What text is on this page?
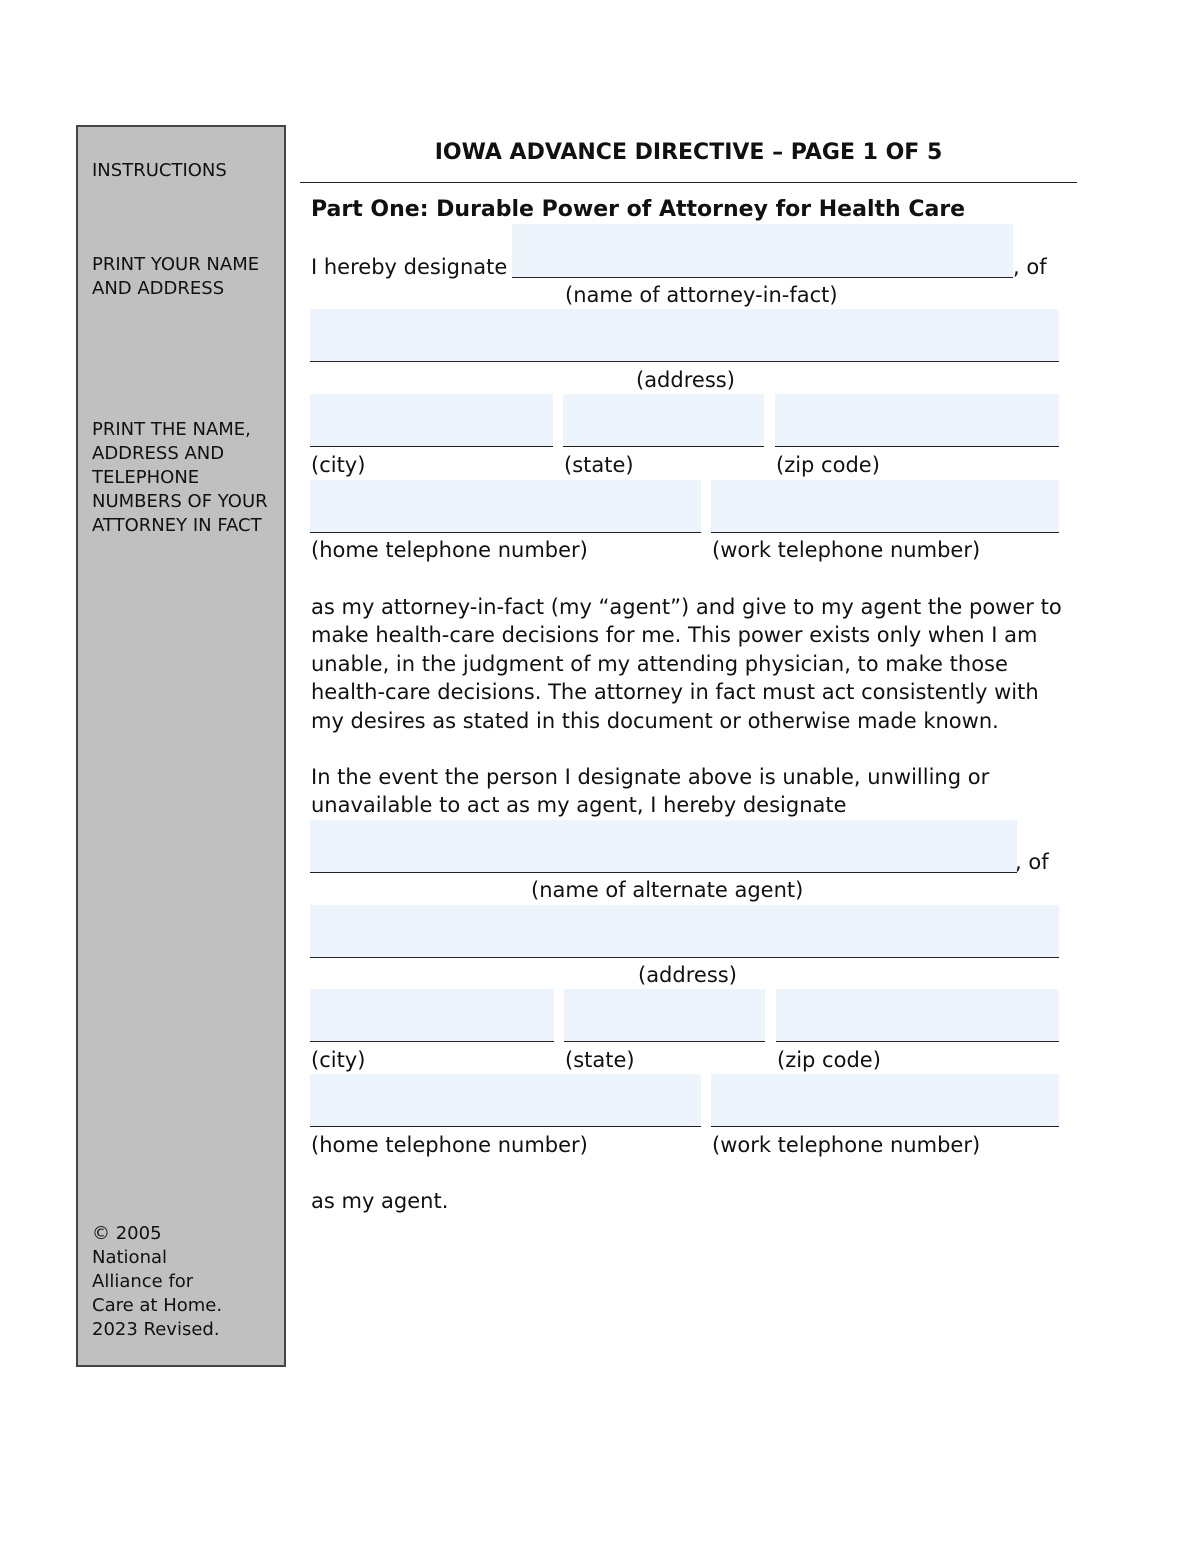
INSTRUCTIONS
PRINT YOUR NAME AND ADDRESS
PRINT THE NAME, ADDRESS AND TELEPHONE NUMBERS OF YOUR ATTORNEY IN FACT
© 2005
National
Alliance for
Care at Home.
2023 Revised.
IOWA ADVANCE DIRECTIVE – PAGE 1 OF 5
Part One: Durable Power of Attorney for Health Care
I hereby designate	, of
(name of attorney-in-fact)
(address)
(city)	(state)	(zip code)
(home telephone number)	(work telephone number)
as my attorney-in-fact (my “agent”) and give to my agent the power to make health-care decisions for me. This power exists only when I am unable, in the judgment of my attending physician, to make those health-care decisions. The attorney in fact must act consistently with my desires as stated in this document or otherwise made known.
In the event the person I designate above is unable, unwilling or unavailable to act as my agent, I hereby designate
, of
(name of alternate agent)
(address)
(city)	(state)	(zip code)
(home telephone number)	(work telephone number)
as my agent.
